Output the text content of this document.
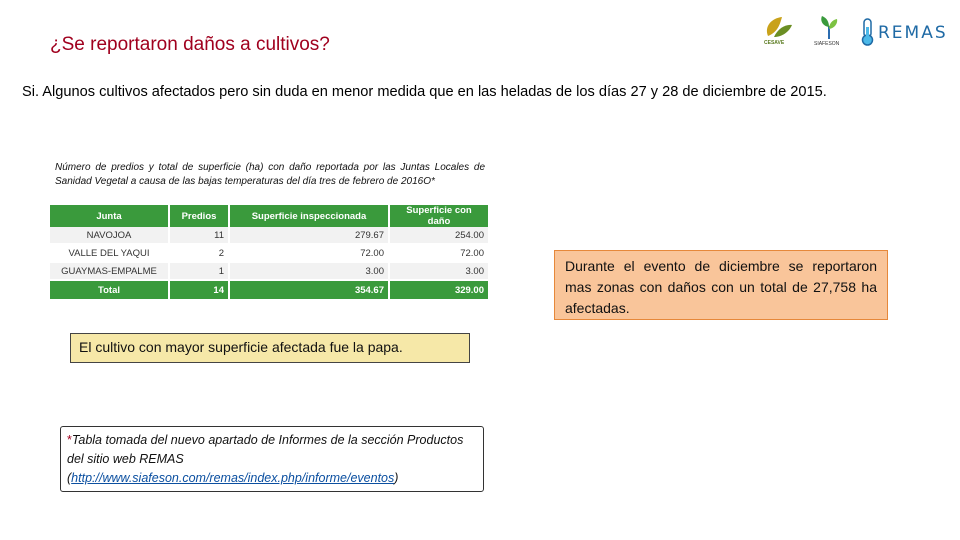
¿Se reportaron daños a cultivos?	CESAVE	SIAFESON
REMAS
Si. Algunos cultivos afectados pero sin duda en menor medida que en las heladas de los días 27 y 28 de diciembre de 2015.
Número de predios y total de superficie (ha) con daño reportada por las Juntas Locales de Sanidad Vegetal a causa de las bajas temperaturas del día tres de febrero de 2016O*
Junta	Predios	Superficie inspeccionada	Superficie con daño
NAVOJOA	11	279.67	254.00
VALLE DEL YAQUI	2	72.00	72.00
GUAYMAS-EMPALME	1	3.00	3.00
Total	14	354.67	329.00
Durante el evento de diciembre se reportaron mas zonas con daños con un total de 27,758 ha afectadas.
El cultivo con mayor superficie afectada fue la papa.
*Tabla tomada del nuevo apartado de Informes de la sección Productos del sitio web REMAS
(http://www.siafeson.com/remas/index.php/informe/eventos)
